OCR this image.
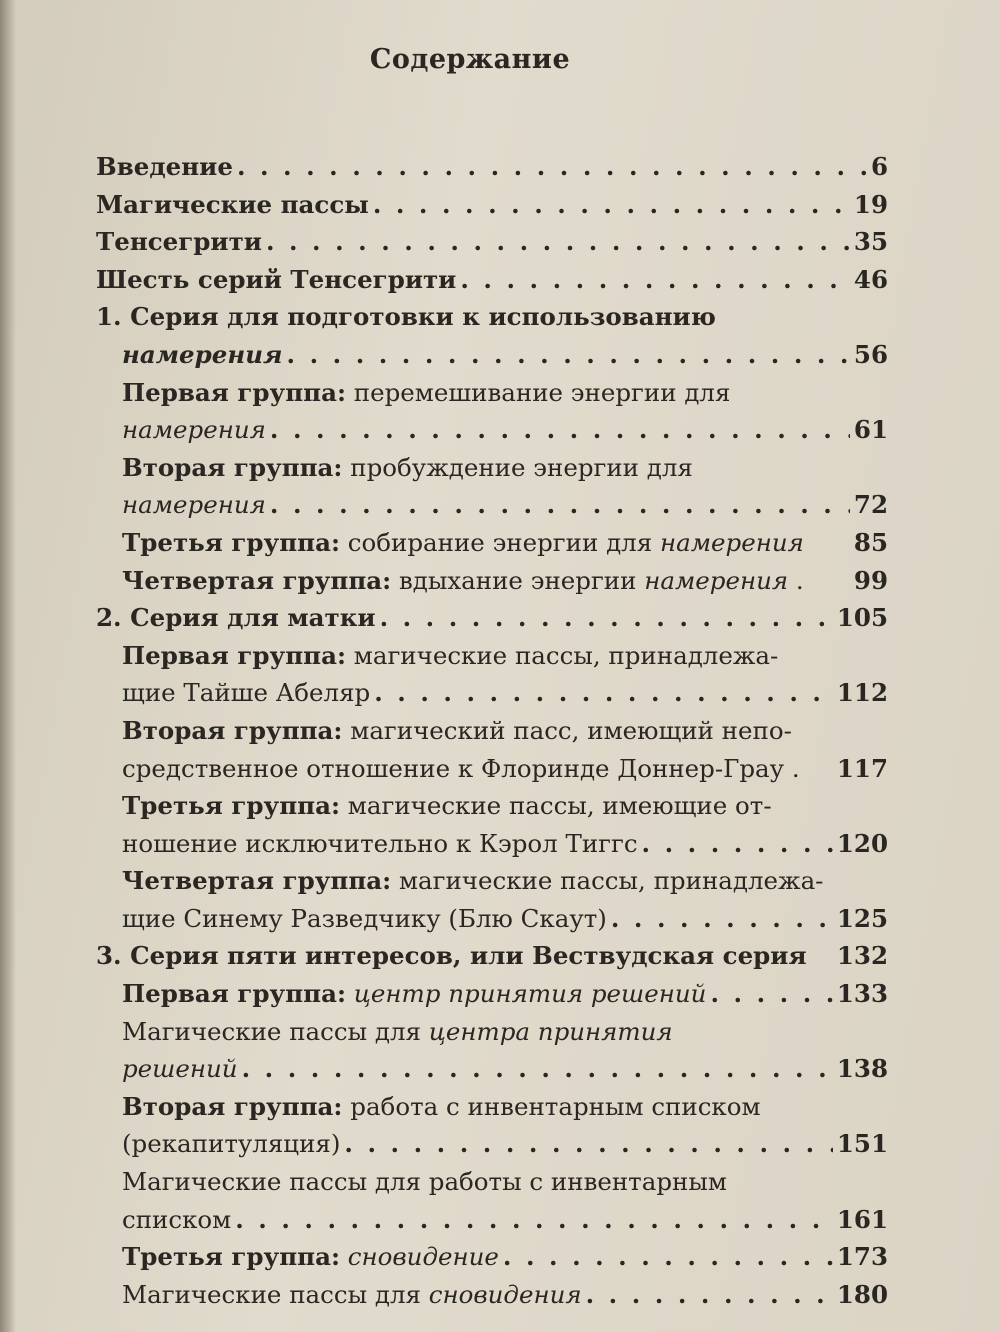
Содержание
Введение . . .	6
Магические пассы . . .	19
Тенсегрити . . .	35
Шесть серий Тенсегрити . . .	46
1. Серия для подготовки к использованию
намерения . . .	56
Первая группа: перемешивание энергии для
намерения . . .	61
Вторая группа: пробуждение энергии для
намерения . . .	72
Третья группа: собирание энергии для намерения 85
Четвертая группа: вдыхание энергии намерения . 99
2. Серия для матки . . .	105
Первая группа: магические пассы, принадлежа-
щие Тайше Абеляр . . .	112
Вторая группа: магический пасс, имеющий непо-
средственное отношение к Флоринде Доннер-Грау . 117
Третья группа: магические пассы, имеющие от-
ношение исключительно к Кэрол Тиггс . . .	120
Четвертая группа: магические пассы, принадлежа-
щие Синему Разведчику (Блю Скаут) . . .	125
3. Серия пяти интересов, или Вествудская серия 132
Первая группа: центр принятия решений . . .	133
Магические пассы для центра принятия
решений . . .	138
Вторая группа: работа с инвентарным списком
(рекапитуляция) . . .	151
Магические пассы для работы с инвентарным
списком . . .	161
Третья группа: сновидение . . .	173
Магические пассы для сновидения . . .	180
